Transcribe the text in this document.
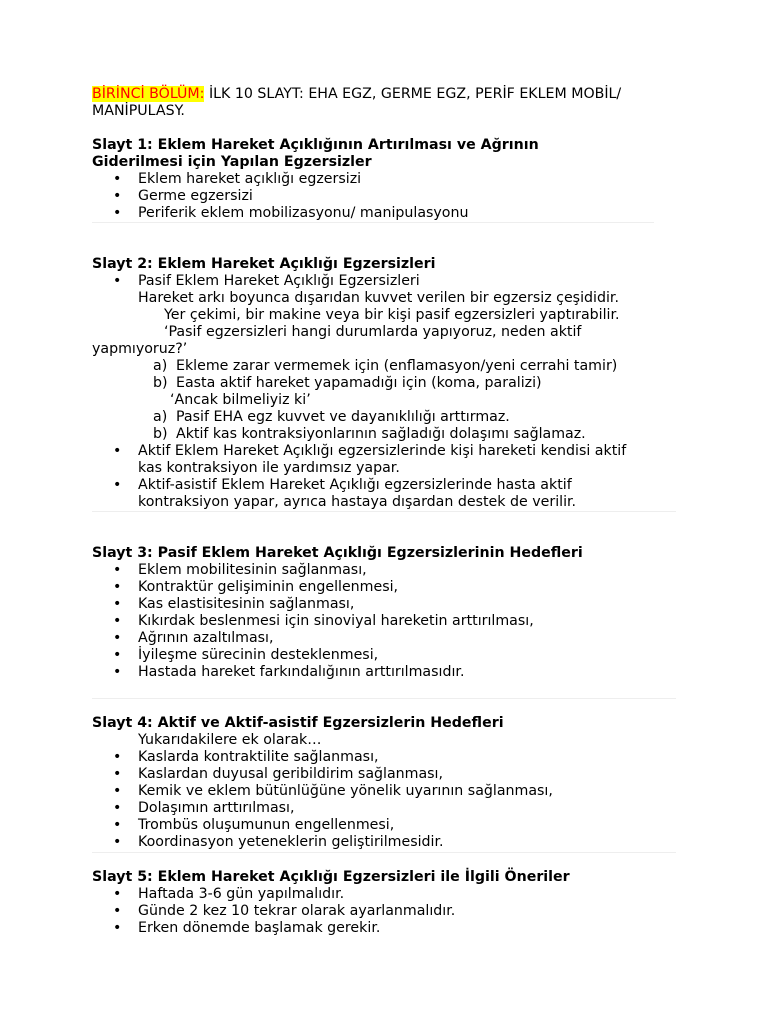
BİRİNCİ BÖLÜM: İLK 10 SLAYT: EHA EGZ, GERME EGZ, PERİF EKLEM MOBİL/
MANİPULASY.
Slayt 1: Eklem Hareket Açıklığının Artırılması ve Ağrının
Giderilmesi için Yapılan Egzersizler
• Eklem hareket açıklığı egzersizi
• Germe egzersizi
• Periferik eklem mobilizasyonu/ manipulasyonu
Slayt 2: Eklem Hareket Açıklığı Egzersizleri
• Pasif Eklem Hareket Açıklığı Egzersizleri
Hareket arkı boyunca dışarıdan kuvvet verilen bir egzersiz çeşididir.
Yer çekimi, bir makine veya bir kişi pasif egzersizleri yaptırabilir.
‘Pasif egzersizleri hangi durumlarda yapıyoruz, neden aktif
yapmıyoruz?’
a) Ekleme zarar vermemek için (enflamasyon/yeni cerrahi tamir)
b) Easta aktif hareket yapamadığı için (koma, paralizi)
‘Ancak bilmeliyiz ki’
a) Pasif EHA egz kuvvet ve dayanıklılığı arttırmaz.
b) Aktif kas kontraksiyonlarının sağladığı dolaşımı sağlamaz.
• Aktif Eklem Hareket Açıklığı egzersizlerinde kişi hareketi kendisi aktif
kas kontraksiyon ile yardımsız yapar.
• Aktif-asistif Eklem Hareket Açıklığı egzersizlerinde hasta aktif
kontraksiyon yapar, ayrıca hastaya dışardan destek de verilir.
Slayt 3: Pasif Eklem Hareket Açıklığı Egzersizlerinin Hedefleri
• Eklem mobilitesinin sağlanması,
• Kontraktür gelişiminin engellenmesi,
• Kas elastisitesinin sağlanması,
• Kıkırdak beslenmesi için sinoviyal hareketin arttırılması,
• Ağrının azaltılması,
• İyileşme sürecinin desteklenmesi,
• Hastada hareket farkındalığının arttırılmasıdır.
Slayt 4: Aktif ve Aktif-asistif Egzersizlerin Hedefleri
Yukarıdakilere ek olarak…
• Kaslarda kontraktilite sağlanması,
• Kaslardan duyusal geribildirim sağlanması,
• Kemik ve eklem bütünlüğüne yönelik uyarının sağlanması,
• Dolaşımın arttırılması,
• Trombüs oluşumunun engellenmesi,
• Koordinasyon yeteneklerin geliştirilmesidir.
Slayt 5: Eklem Hareket Açıklığı Egzersizleri ile İlgili Öneriler
• Haftada 3-6 gün yapılmalıdır.
• Günde 2 kez 10 tekrar olarak ayarlanmalıdır.
• Erken dönemde başlamak gerekir.
